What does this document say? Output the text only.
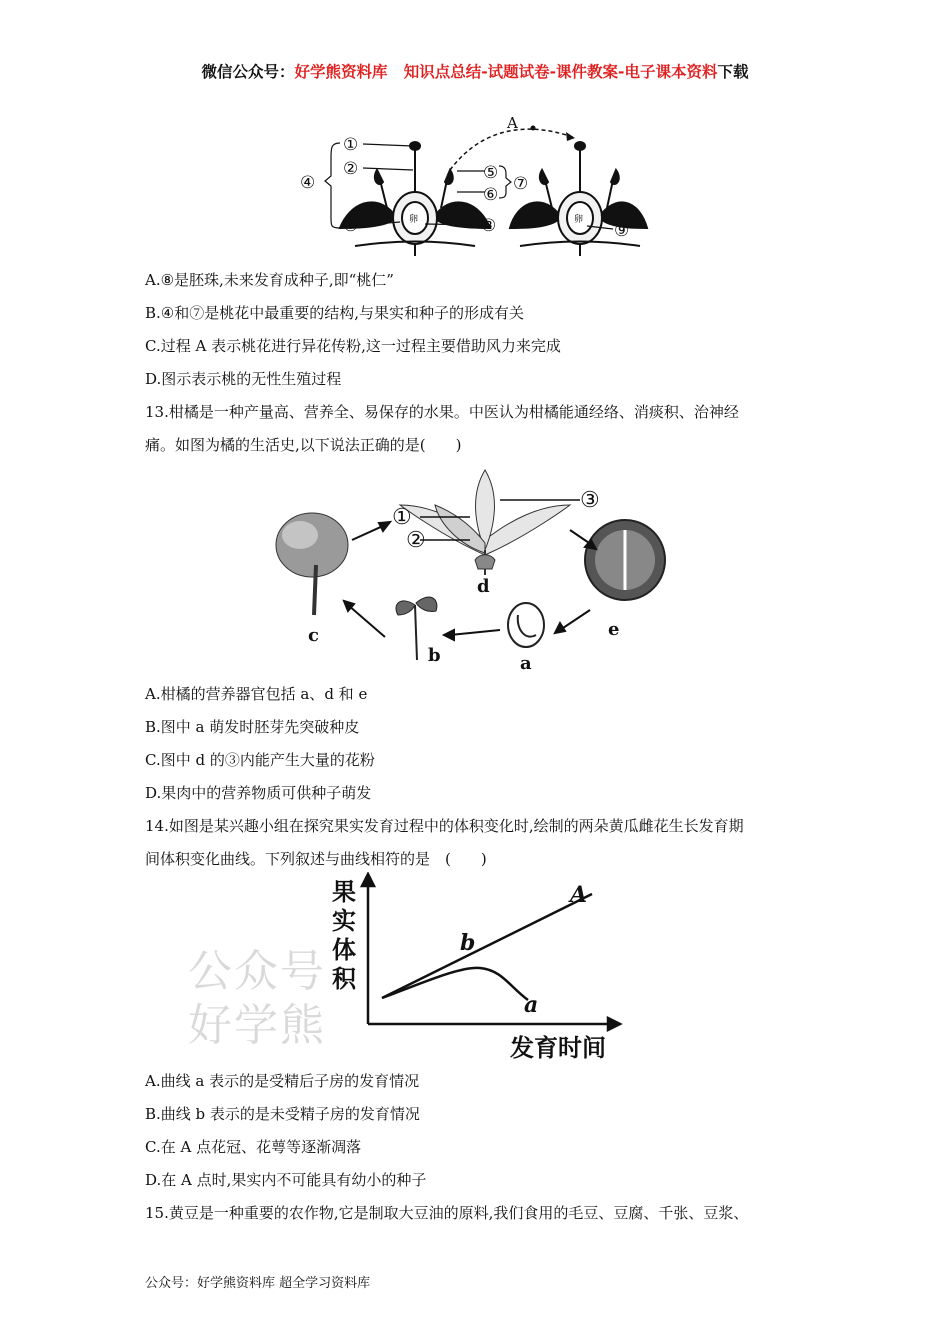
微信公众号：好学熊资料库 知识点总结-试题试卷-课件教案-电子课本资料下载
卵	卵
A
①
②
④
③
⑤
⑥
⑦
⑧	⑨
A.⑧是胚珠,未来发育成种子,即“桃仁”
B.④和⑦是桃花中最重要的结构,与果实和种子的形成有关
C.过程 A 表示桃花进行异花传粉,这一过程主要借助风力来完成
D.图示表示桃的无性生殖过程
13.柑橘是一种产量高、营养全、易保存的水果。中医认为柑橘能通经络、消痰积、治神经
痛。如图为橘的生活史,以下说法正确的是(　　)
c
d
①
②
③
e
a
b
A.柑橘的营养器官包括 a、d 和 e
B.图中 a 萌发时胚芽先突破种皮
C.图中 d 的③内能产生大量的花粉
D.果肉中的营养物质可供种子萌发
14.如图是某兴趣小组在探究果实发育过程中的体积变化时,绘制的两朵黄瓜雌花生长发育期
间体积变化曲线。下列叙述与曲线相符的是　(　　)
公众号
好学熊
果
实
体
积
发育时间
b
a
A
A.曲线 a 表示的是受精后子房的发育情况
B.曲线 b 表示的是未受精子房的发育情况
C.在 A 点花冠、花萼等逐渐凋落
D.在 A 点时,果实内不可能具有幼小的种子
15.黄豆是一种重要的农作物,它是制取大豆油的原料,我们食用的毛豆、豆腐、千张、豆浆、
公众号：好学熊资料库 超全学习资料库
